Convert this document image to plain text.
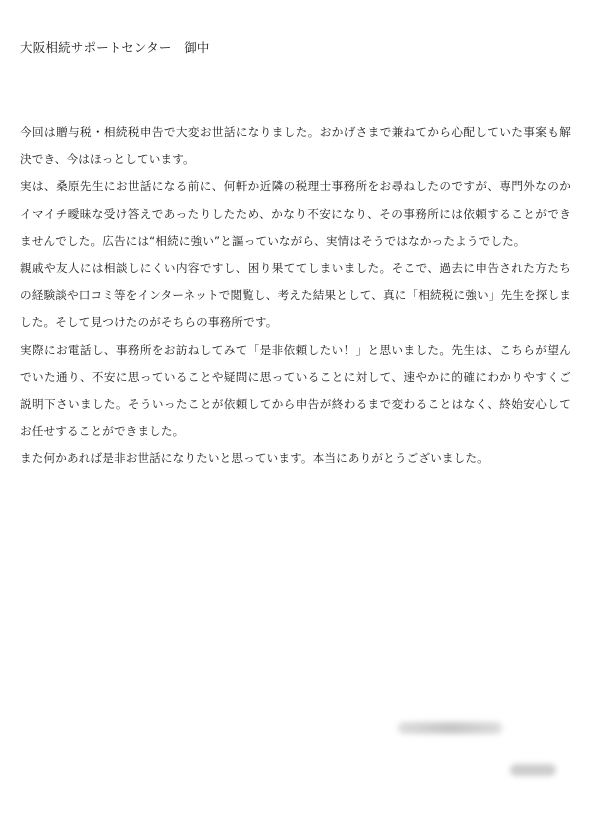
大阪相続サポートセンター　御中

今回は贈与税・相続税申告で大変お世話になりました。おかげさまで兼ねてから心配していた事案も解決でき、今はほっとしています。

実は、桑原先生にお世話になる前に、何軒か近隣の税理士事務所をお尋ねしたのですが、専門外なのかイマイチ曖昧な受け答えであったりしたため、かなり不安になり、その事務所には依頼することができませんでした。広告には“相続に強い”と謳っていながら、実情はそうではなかったようでした。

親戚や友人には相談しにくい内容ですし、困り果ててしまいました。そこで、過去に申告された方たちの経験談や口コミ等をインターネットで閲覧し、考えた結果として、真に「相続税に強い」先生を探しました。そして見つけたのがそちらの事務所です。

実際にお電話し、事務所をお訪ねしてみて「是非依頼したい！」と思いました。先生は、こちらが望んでいた通り、不安に思っていることや疑問に思っていることに対して、速やかに的確にわかりやすくご説明下さいました。そういったことが依頼してから申告が終わるまで変わることはなく、終始安心してお任せすることができました。

また何かあれば是非お世話になりたいと思っています。本当にありがとうございました。
